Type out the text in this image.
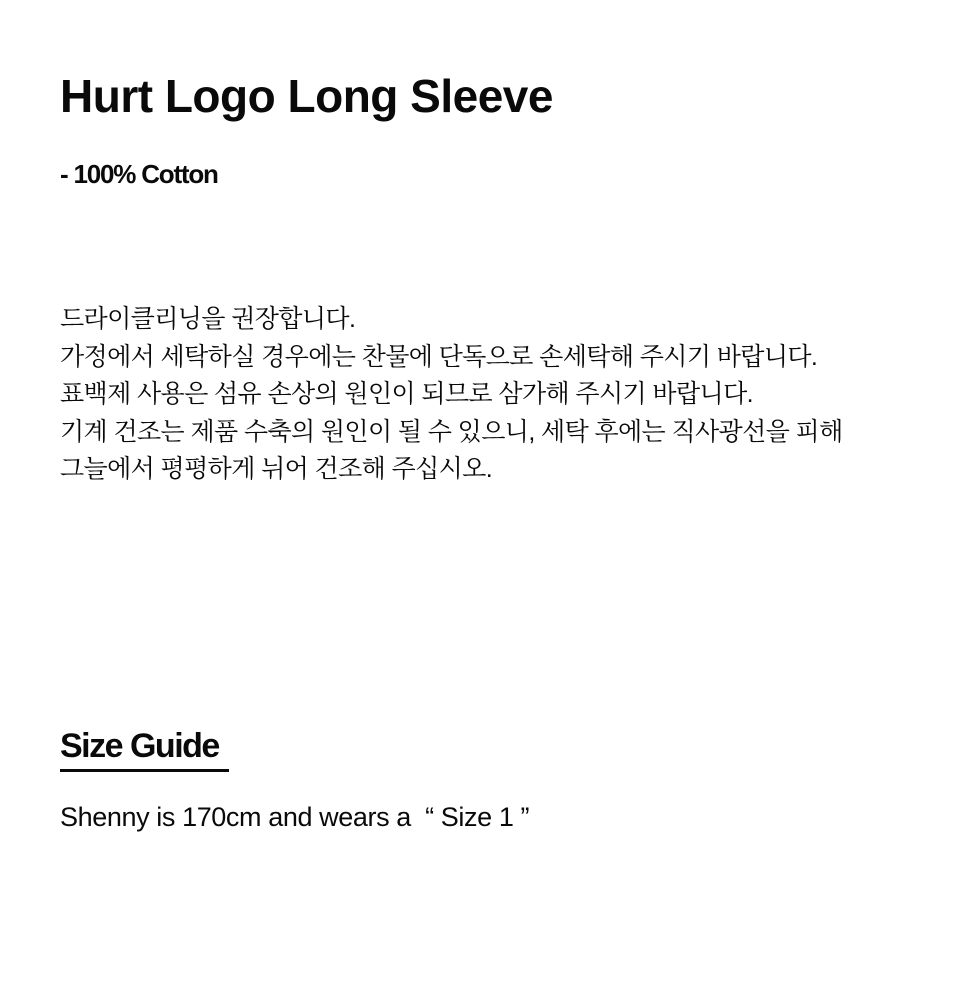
Hurt Logo Long Sleeve
- 100% Cotton
드라이클리닝을 권장합니다.
가정에서 세탁하실 경우에는 찬물에 단독으로 손세탁해 주시기 바랍니다.
표백제 사용은 섬유 손상의 원인이 되므로 삼가해 주시기 바랍니다.
기계 건조는 제품 수축의 원인이 될 수 있으니, 세탁 후에는 직사광선을 피해
그늘에서 평평하게 뉘어 건조해 주십시오.
Size Guide
Shenny is 170cm and wears a  “ Size 1 ”
